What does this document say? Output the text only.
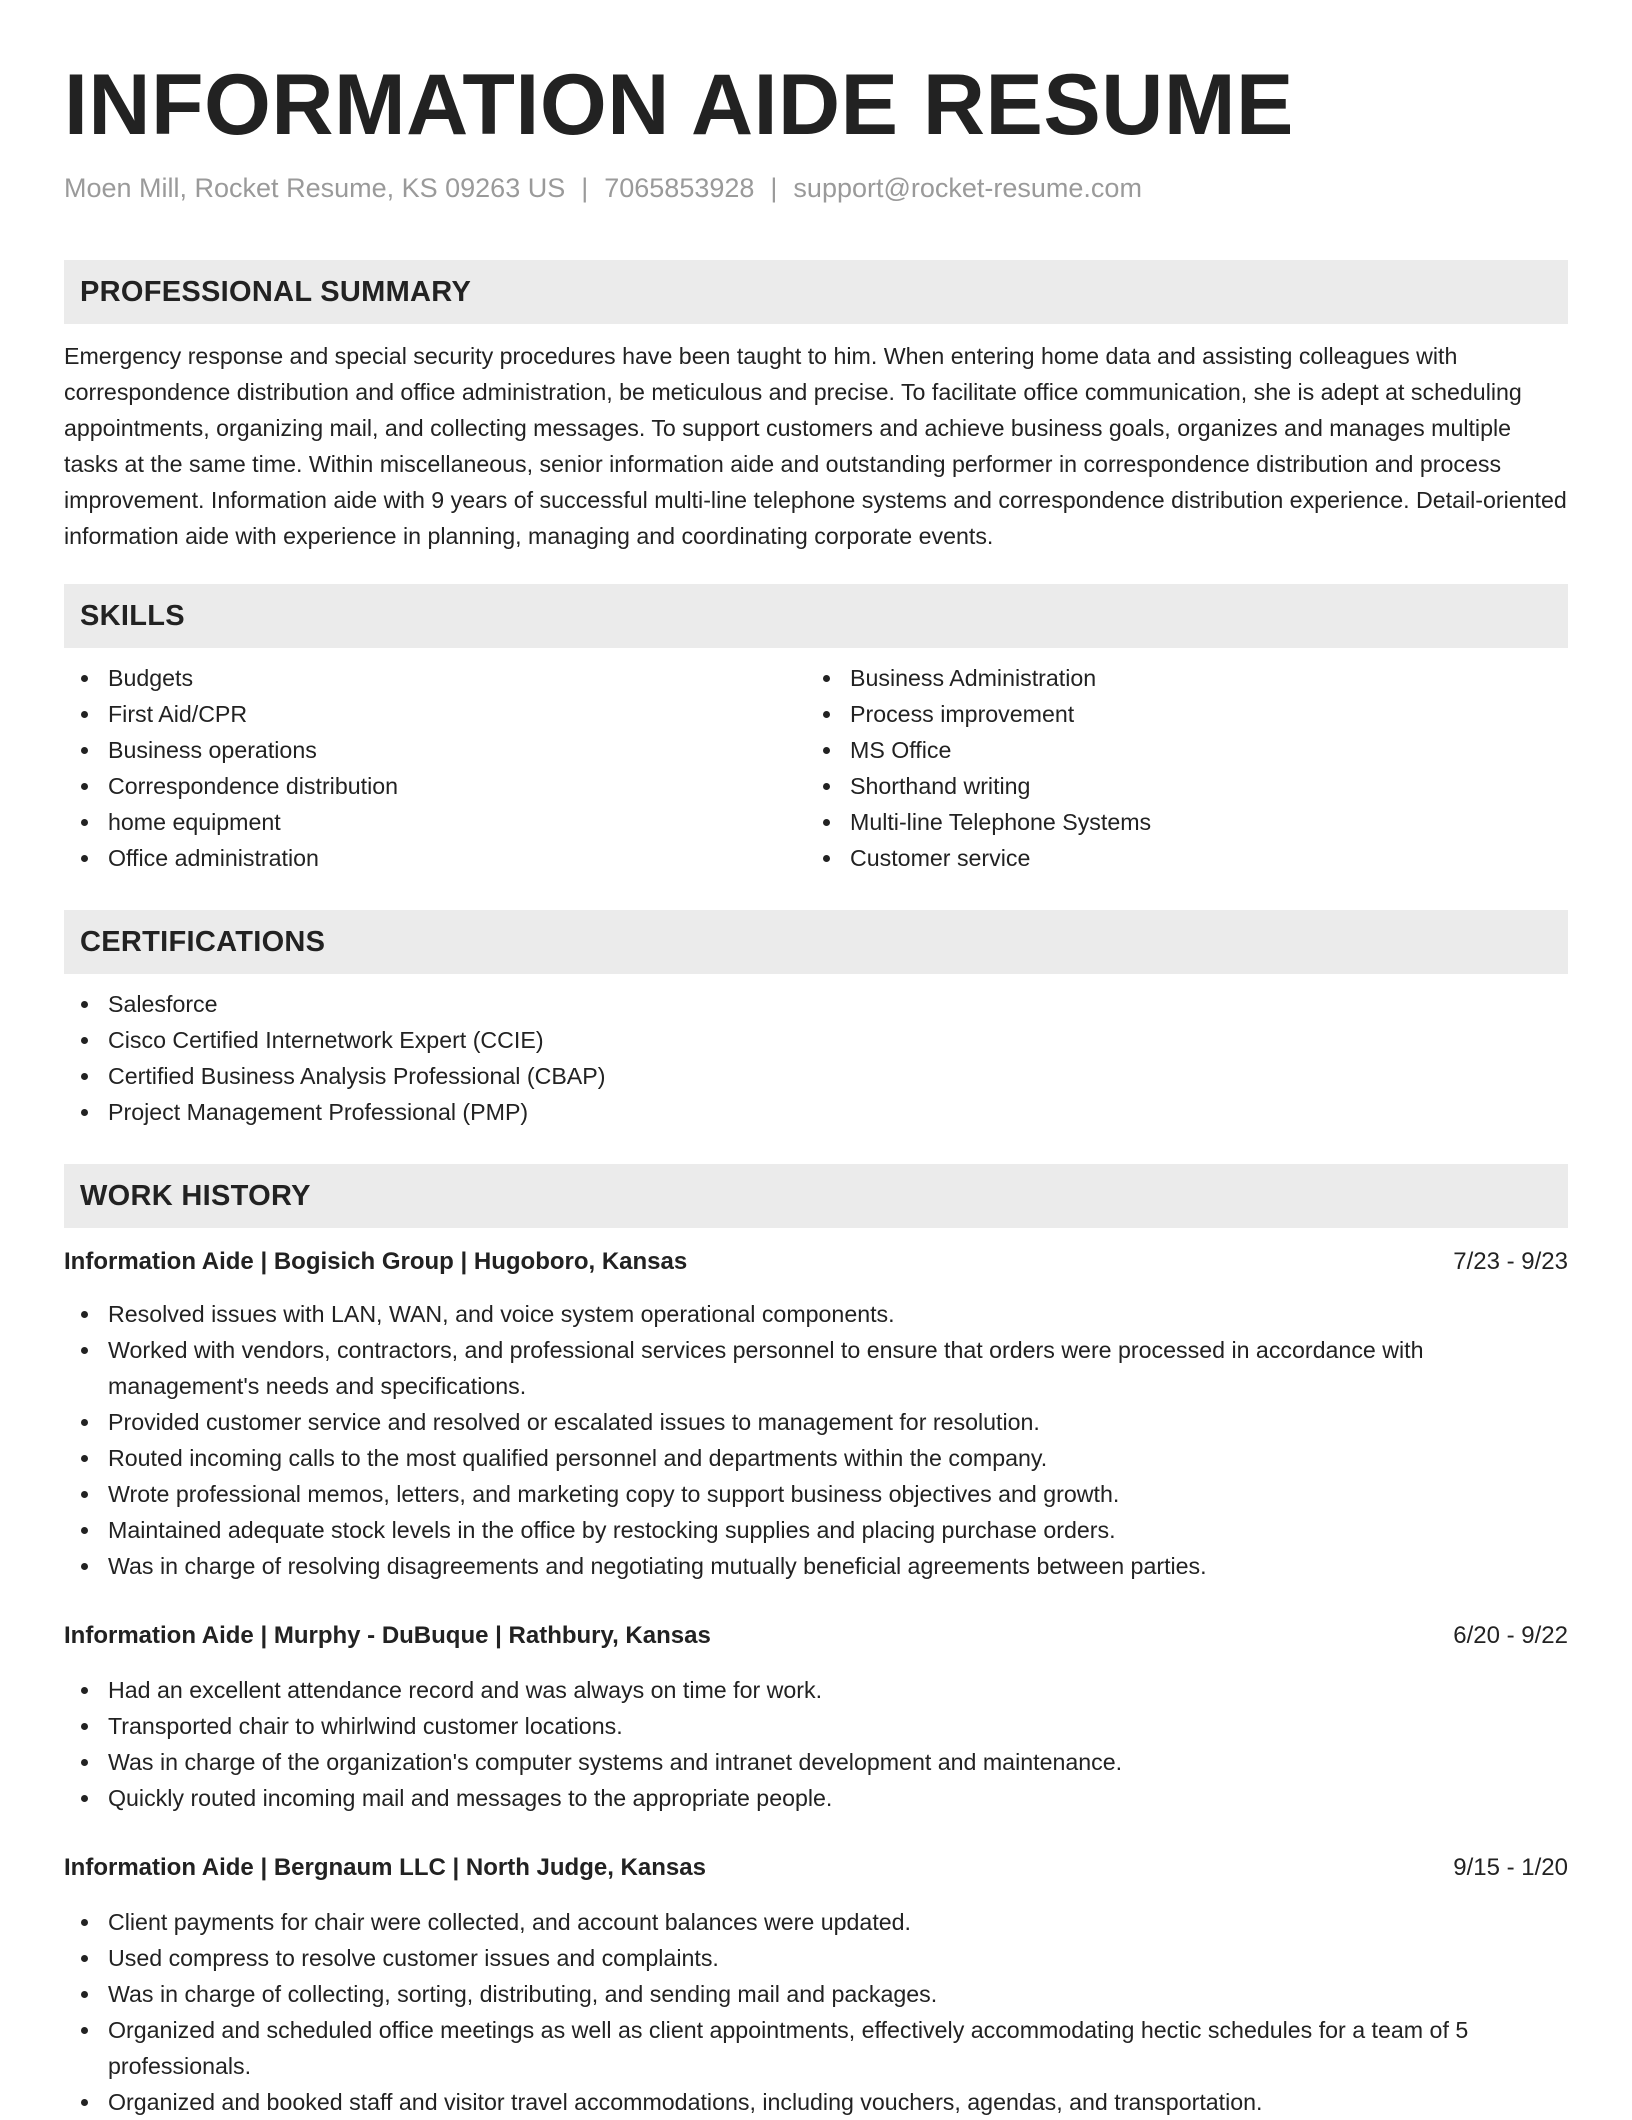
INFORMATION AIDE RESUME
Moen Mill, Rocket Resume, KS 09263 US | 7065853928 | support@rocket-resume.com
PROFESSIONAL SUMMARY

Emergency response and special security procedures have been taught to him. When entering home data and assisting colleagues with correspondence distribution and office administration, be meticulous and precise. To facilitate office communication, she is adept at scheduling appointments, organizing mail, and collecting messages. To support customers and achieve business goals, organizes and manages multiple tasks at the same time. Within miscellaneous, senior information aide and outstanding performer in correspondence distribution and process improvement. Information aide with 9 years of successful multi-line telephone systems and correspondence distribution experience. Detail-oriented information aide with experience in planning, managing and coordinating corporate events.

SKILLS
Budgets
First Aid/CPR
Business operations
Correspondence distribution
home equipment
Office administration
Business Administration
Process improvement
MS Office
Shorthand writing
Multi-line Telephone Systems
Customer service
CERTIFICATIONS
Salesforce
Cisco Certified Internetwork Expert (CCIE)
Certified Business Analysis Professional (CBAP)
Project Management Professional (PMP)
WORK HISTORY
Information Aide | Bogisich Group | Hugoboro, Kansas	7/23 - 9/23
Resolved issues with LAN, WAN, and voice system operational components.
Worked with vendors, contractors, and professional services personnel to ensure that orders were processed in accordance with management's needs and specifications.
Provided customer service and resolved or escalated issues to management for resolution.
Routed incoming calls to the most qualified personnel and departments within the company.
Wrote professional memos, letters, and marketing copy to support business objectives and growth.
Maintained adequate stock levels in the office by restocking supplies and placing purchase orders.
Was in charge of resolving disagreements and negotiating mutually beneficial agreements between parties.
Information Aide | Murphy - DuBuque | Rathbury, Kansas	6/20 - 9/22
Had an excellent attendance record and was always on time for work.
Transported chair to whirlwind customer locations.
Was in charge of the organization's computer systems and intranet development and maintenance.
Quickly routed incoming mail and messages to the appropriate people.
Information Aide | Bergnaum LLC | North Judge, Kansas	9/15 - 1/20
Client payments for chair were collected, and account balances were updated.
Used compress to resolve customer issues and complaints.
Was in charge of collecting, sorting, distributing, and sending mail and packages.
Organized and scheduled office meetings as well as client appointments, effectively accommodating hectic schedules for a team of 5 professionals.
Organized and booked staff and visitor travel accommodations, including vouchers, agendas, and transportation.
